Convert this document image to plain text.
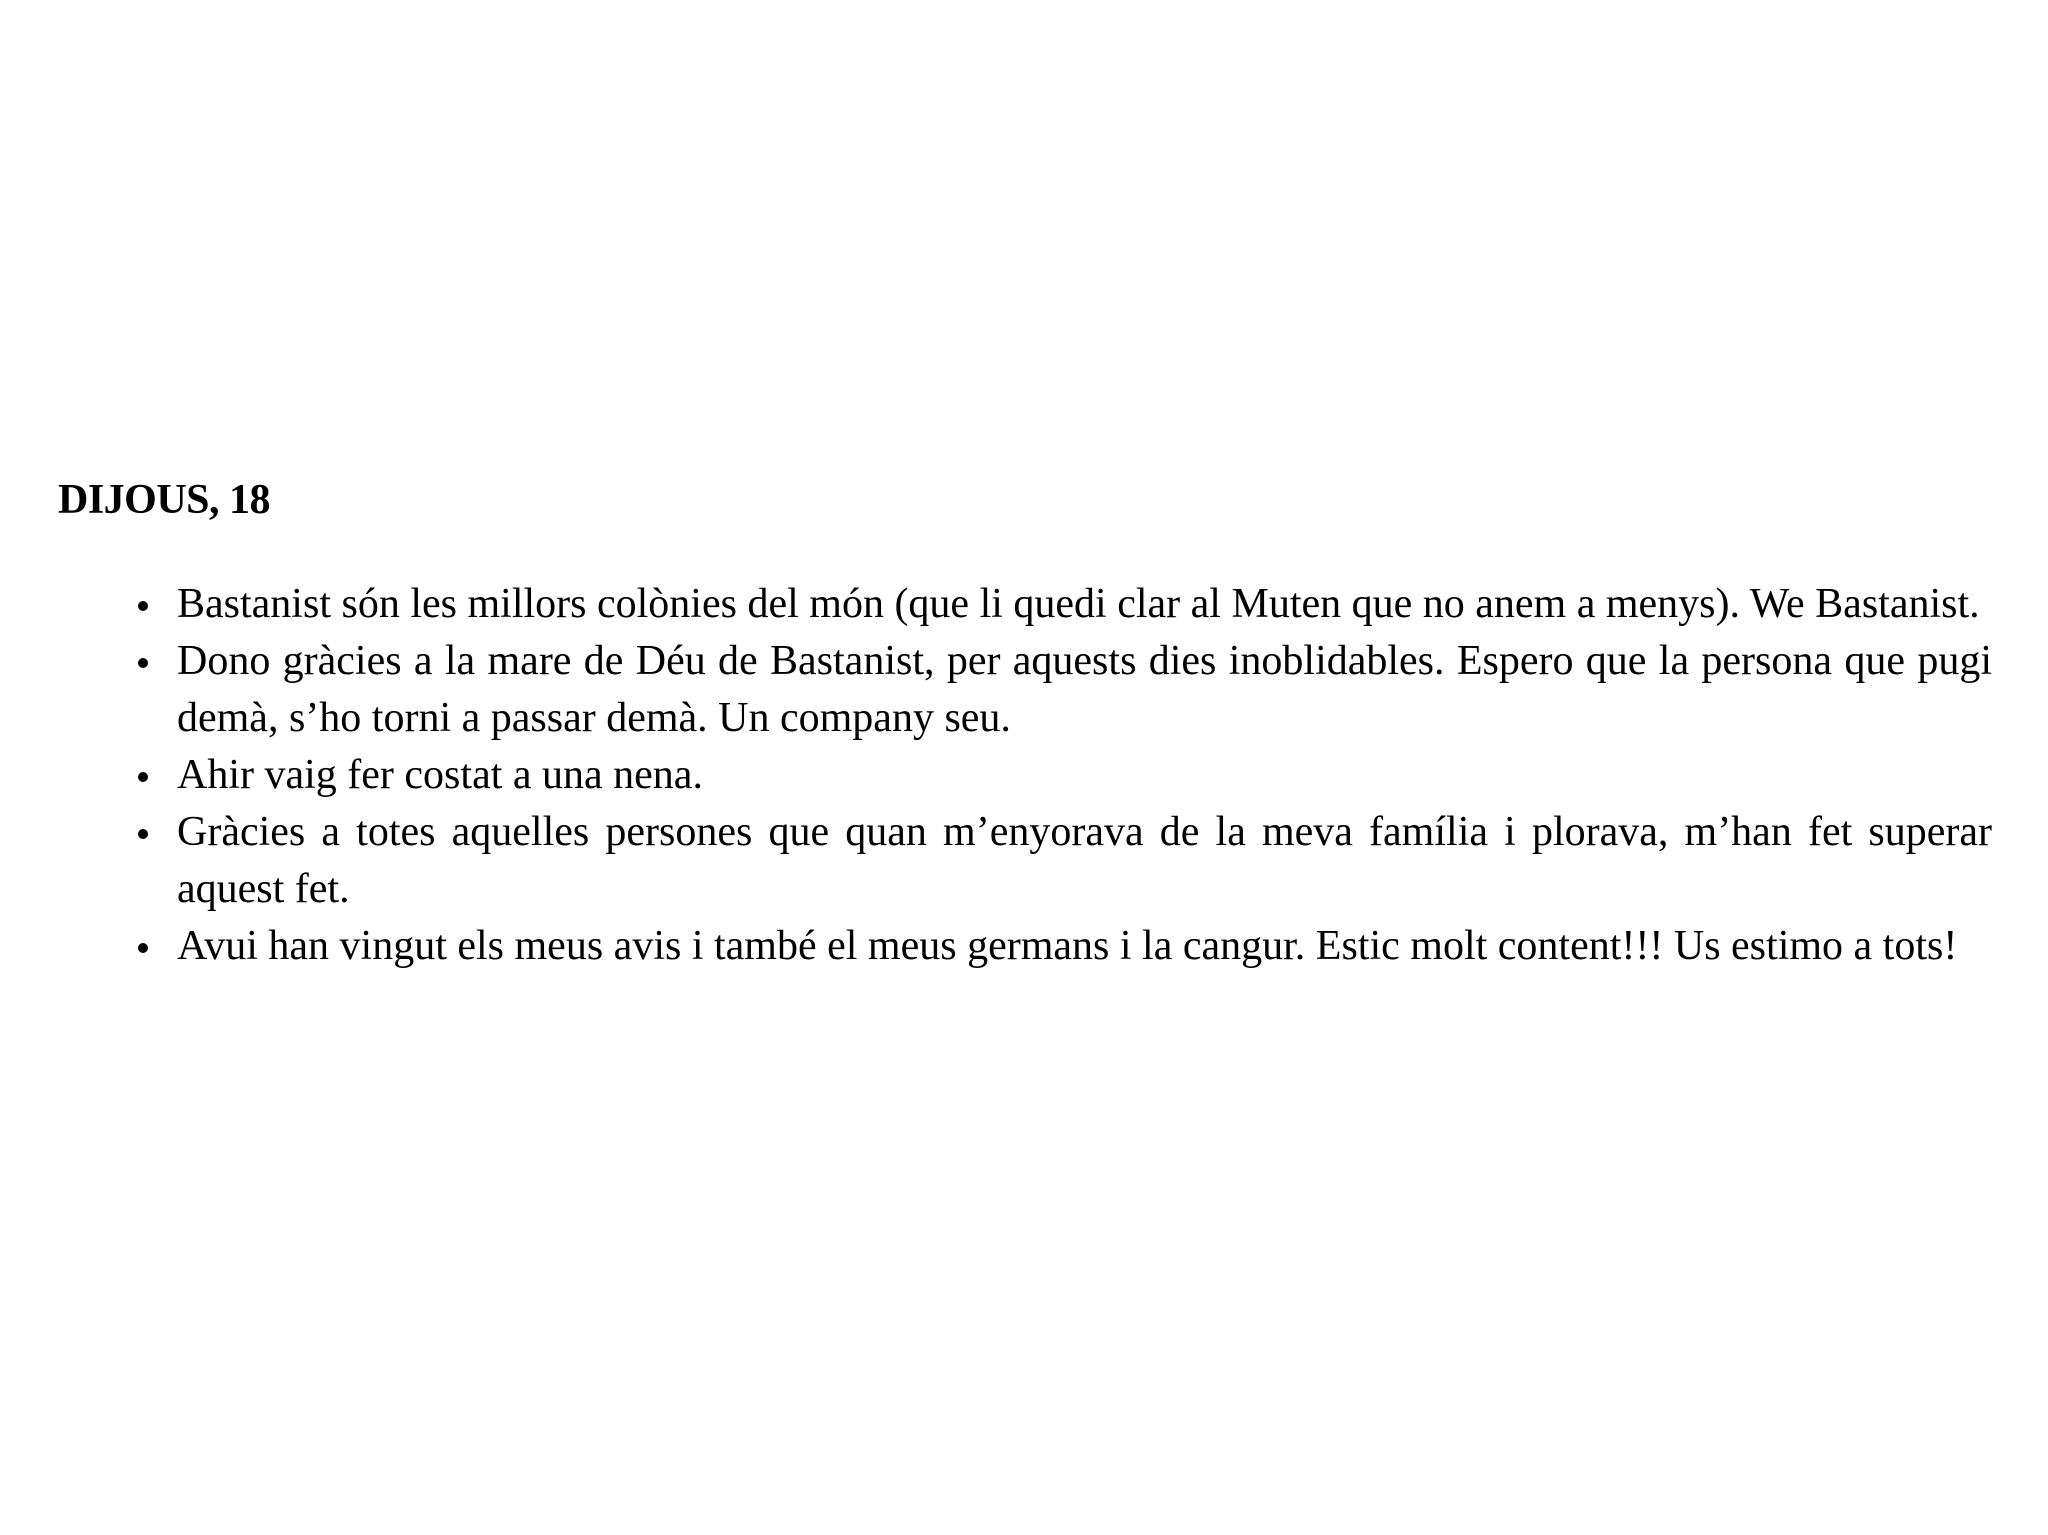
DIJOUS, 18
Bastanist són les millors colònies del món (que li quedi clar al Muten que no anem a menys). We Bastanist.
Dono gràcies a la mare de Déu de Bastanist, per aquests dies inoblidables. Espero que la persona que pugi demà, s’ho torni a passar demà. Un company seu.
Ahir vaig fer costat a una nena.
Gràcies a totes aquelles persones que quan m’enyorava de la meva família i plorava, m’han fet superar aquest fet.
Avui han vingut els meus avis i també el meus germans i la cangur. Estic molt content!!! Us estimo a tots!
